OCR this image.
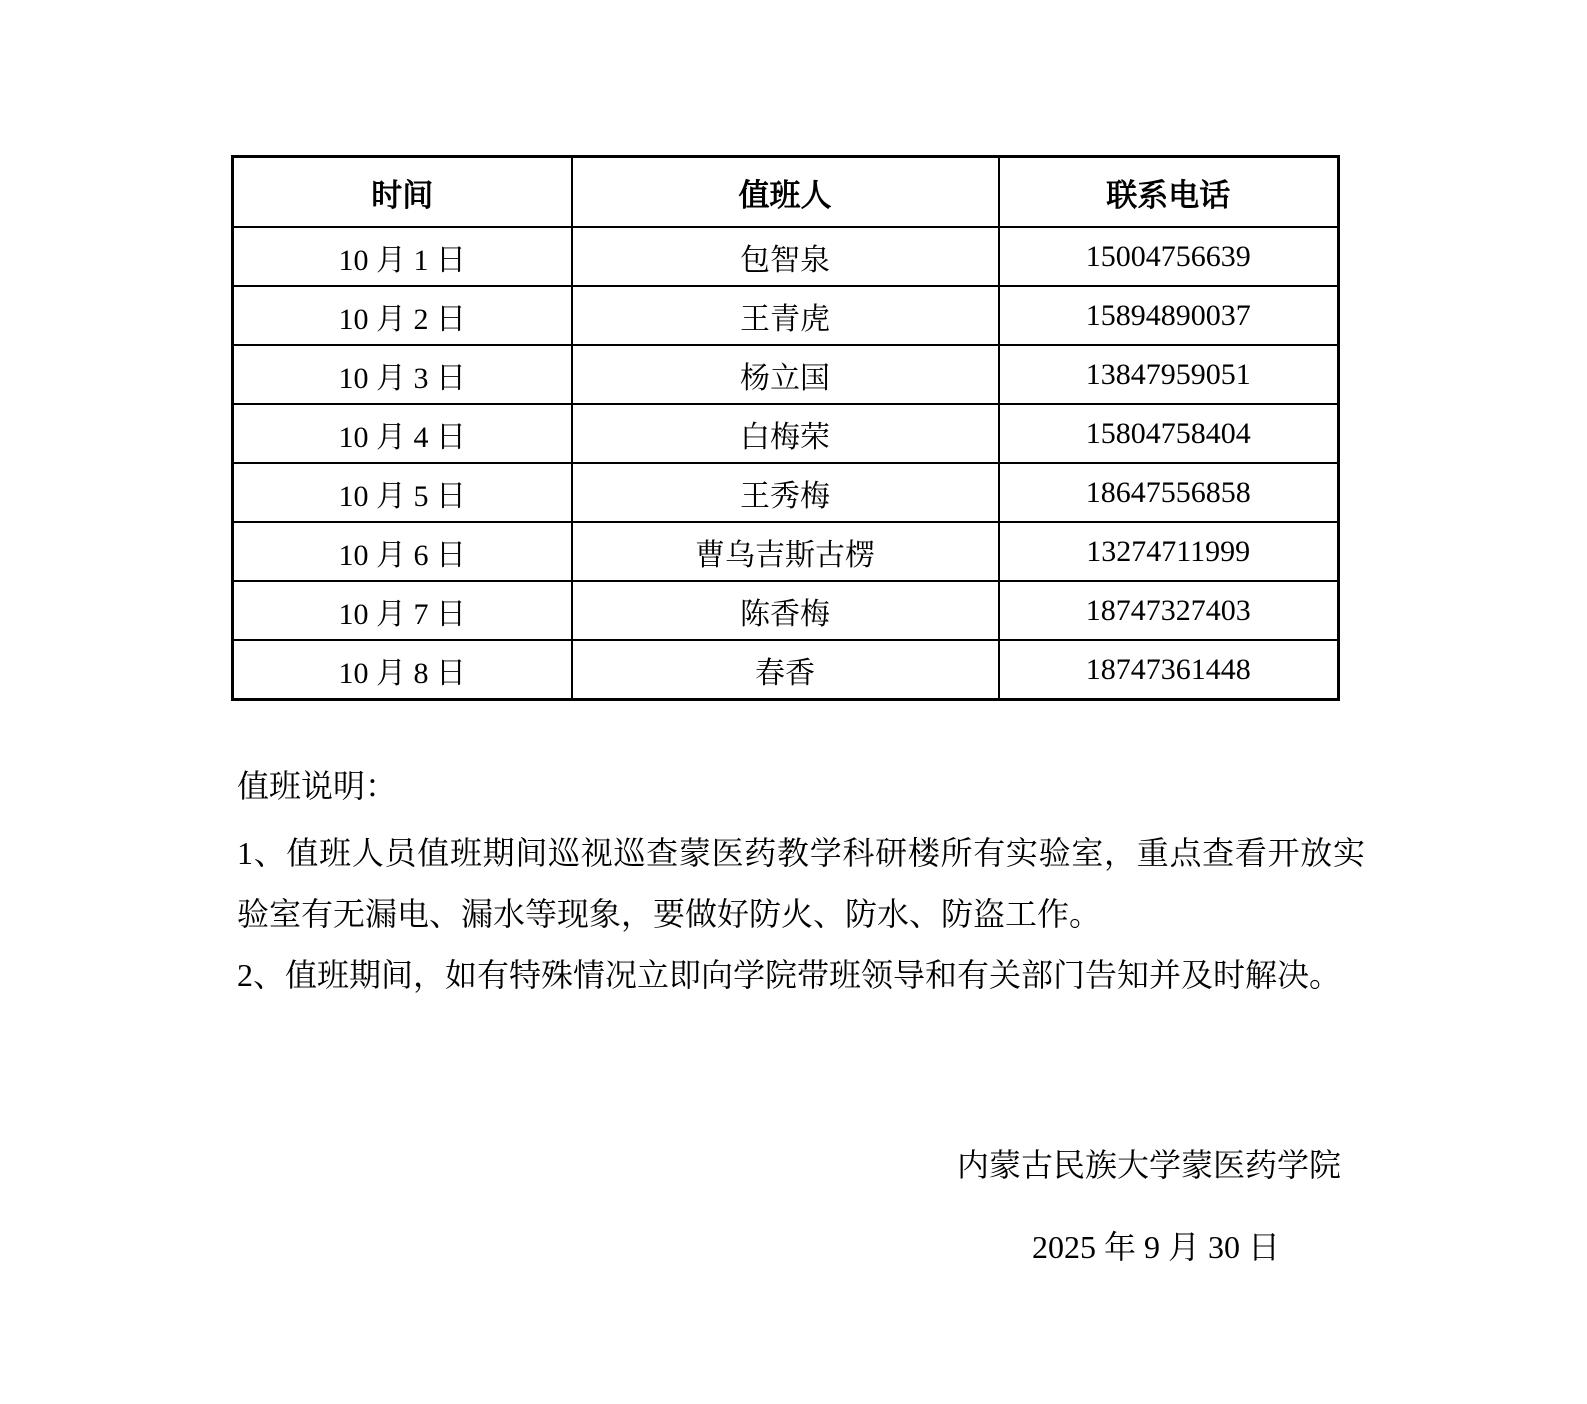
时间	值班人	联系电话
10 月 1 日	包智泉	15004756639
10 月 2 日	王青虎	15894890037
10 月 3 日	杨立国	13847959051
10 月 4 日	白梅荣	15804758404
10 月 5 日	王秀梅	18647556858
10 月 6 日	曹乌吉斯古楞	13274711999
10 月 7 日	陈香梅	18747327403
10 月 8 日	春香	18747361448

值班说明：

1、值班人员值班期间巡视巡查蒙医药教学科研楼所有实验室，重点查看开放实验室有无漏电、漏水等现象，要做好防火、防水、防盗工作。

2、值班期间，如有特殊情况立即向学院带班领导和有关部门告知并及时解决。

内蒙古民族大学蒙医药学院
2025 年 9 月 30 日
